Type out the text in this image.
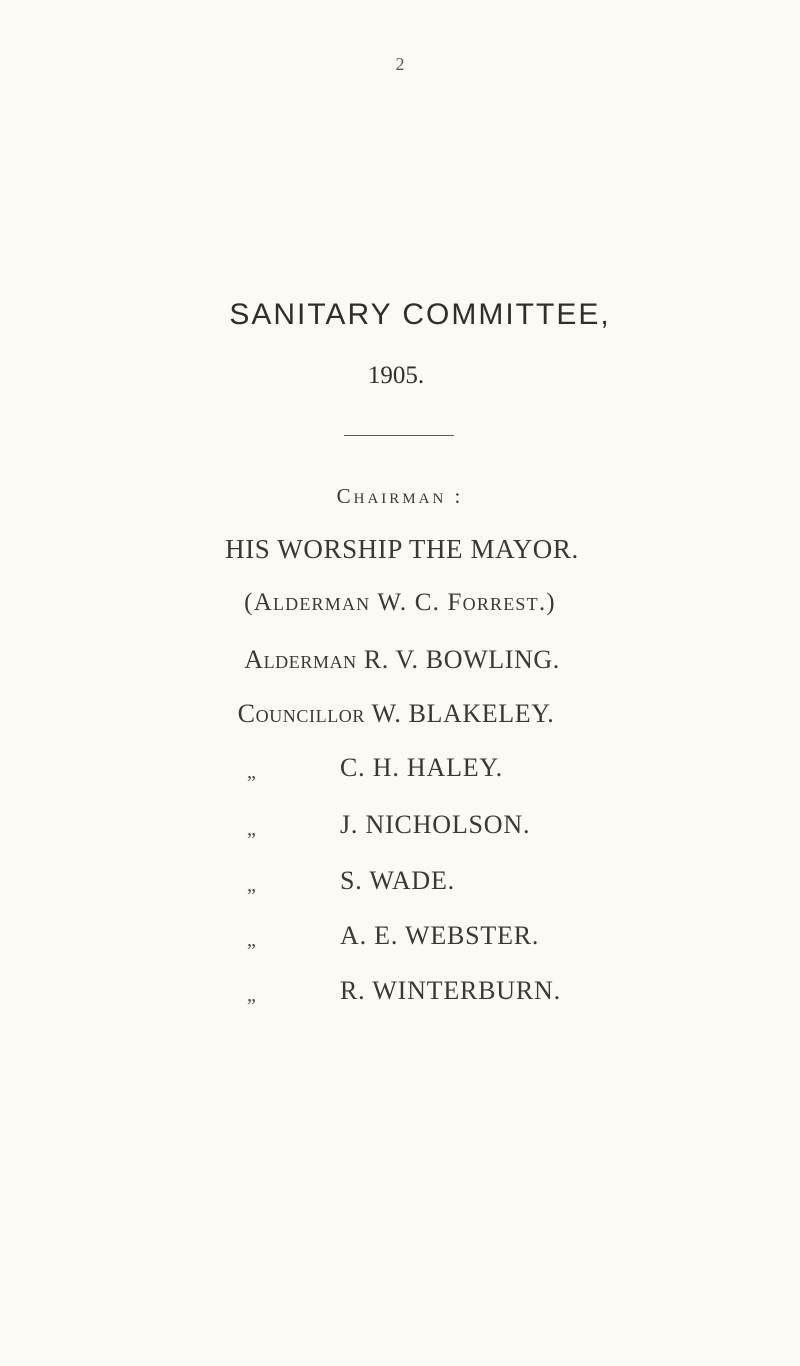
2
SANITARY COMMITTEE,
1905.
Chairman :
HIS WORSHIP THE MAYOR.
(Alderman W. C. Forrest.)
Alderman R. V. BOWLING.
Councillor W. BLAKELEY.
„	C. H. HALEY.
„	J. NICHOLSON.
„	S. WADE.
„	A. E. WEBSTER.
„	R. WINTERBURN.
